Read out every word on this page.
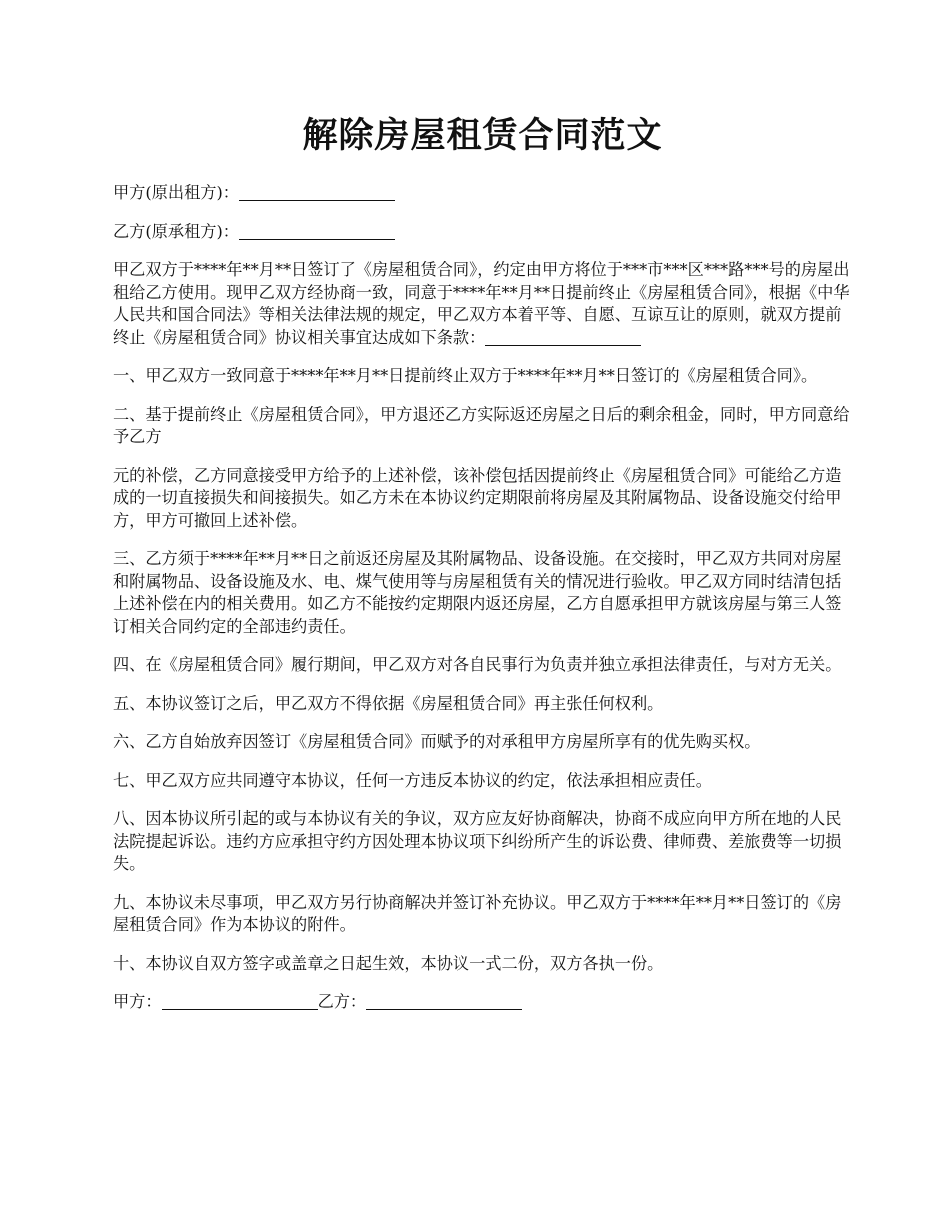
解除房屋租赁合同范文

甲方(原出租方)：

乙方(原承租方)：

甲乙双方于****年**月**日签订了《房屋租赁合同》，约定由甲方将位于***市***区***路***号的房屋出租给乙方使用。现甲乙双方经协商一致，同意于****年**月**日提前终止《房屋租赁合同》，根据《中华人民共和国合同法》等相关法律法规的规定，甲乙双方本着平等、自愿、互谅互让的原则，就双方提前终止《房屋租赁合同》协议相关事宜达成如下条款：

一、甲乙双方一致同意于****年**月**日提前终止双方于****年**月**日签订的《房屋租赁合同》。

二、基于提前终止《房屋租赁合同》，甲方退还乙方实际返还房屋之日后的剩余租金，同时，甲方同意给予乙方

元的补偿，乙方同意接受甲方给予的上述补偿，该补偿包括因提前终止《房屋租赁合同》可能给乙方造成的一切直接损失和间接损失。如乙方未在本协议约定期限前将房屋及其附属物品、设备设施交付给甲方，甲方可撤回上述补偿。

三、乙方须于****年**月**日之前返还房屋及其附属物品、设备设施。在交接时，甲乙双方共同对房屋和附属物品、设备设施及水、电、煤气使用等与房屋租赁有关的情况进行验收。甲乙双方同时结清包括上述补偿在内的相关费用。如乙方不能按约定期限内返还房屋，乙方自愿承担甲方就该房屋与第三人签订相关合同约定的全部违约责任。

四、在《房屋租赁合同》履行期间，甲乙双方对各自民事行为负责并独立承担法律责任，与对方无关。

五、本协议签订之后，甲乙双方不得依据《房屋租赁合同》再主张任何权利。

六、乙方自始放弃因签订《房屋租赁合同》而赋予的对承租甲方房屋所享有的优先购买权。

七、甲乙双方应共同遵守本协议，任何一方违反本协议的约定，依法承担相应责任。

八、因本协议所引起的或与本协议有关的争议，双方应友好协商解决，协商不成应向甲方所在地的人民法院提起诉讼。违约方应承担守约方因处理本协议项下纠纷所产生的诉讼费、律师费、差旅费等一切损失。

九、本协议未尽事项，甲乙双方另行协商解决并签订补充协议。甲乙双方于****年**月**日签订的《房屋租赁合同》作为本协议的附件。

十、本协议自双方签字或盖章之日起生效，本协议一式二份，双方各执一份。

甲方：	乙方：
